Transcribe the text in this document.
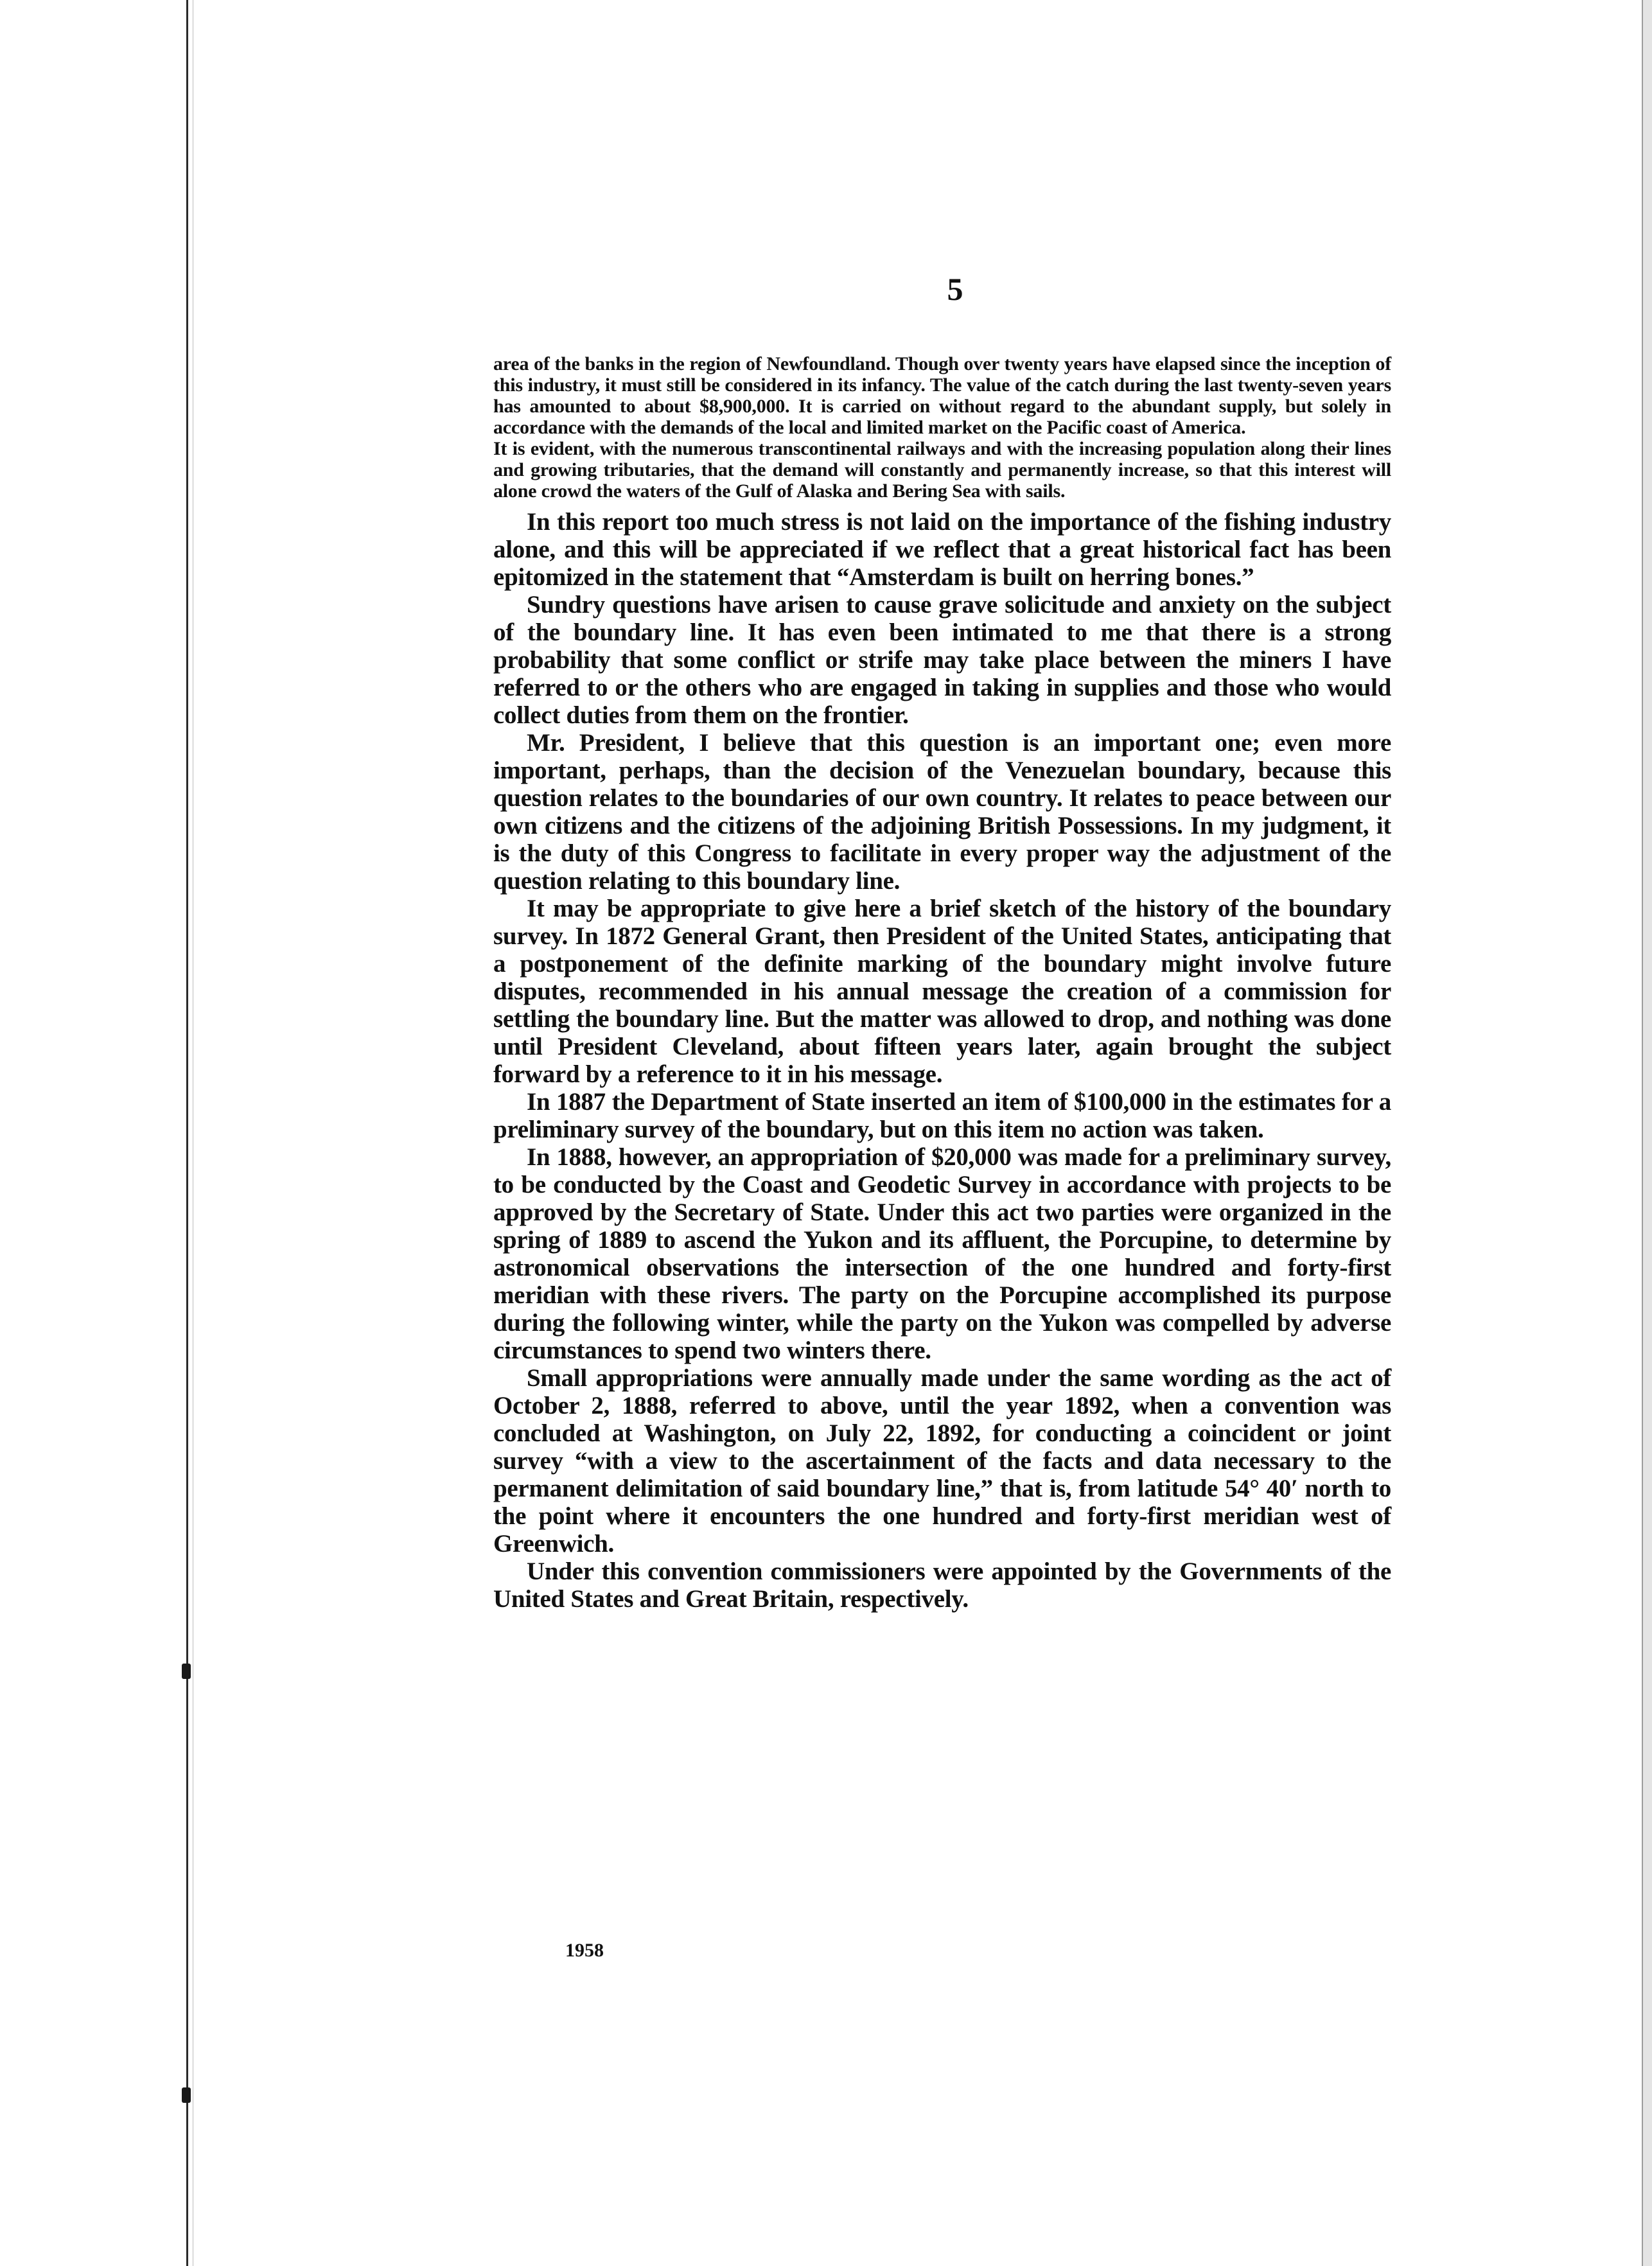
5

area of the banks in the region of Newfoundland. Though over twenty years have elapsed since the inception of this industry, it must still be considered in its infancy. The value of the catch during the last twenty-seven years has amounted to about $8,900,000. It is carried on without regard to the abundant supply, but solely in accordance with the demands of the local and limited market on the Pacific coast of America.

It is evident, with the numerous transcontinental railways and with the increasing population along their lines and growing tributaries, that the demand will constantly and permanently increase, so that this interest will alone crowd the waters of the Gulf of Alaska and Bering Sea with sails.

In this report too much stress is not laid on the importance of the fishing industry alone, and this will be appreciated if we reflect that a great historical fact has been epitomized in the statement that “Amsterdam is built on herring bones.”

Sundry questions have arisen to cause grave solicitude and anxiety on the subject of the boundary line. It has even been intimated to me that there is a strong probability that some conflict or strife may take place between the miners I have referred to or the others who are engaged in taking in supplies and those who would collect duties from them on the frontier.

Mr. President, I believe that this question is an important one; even more important, perhaps, than the decision of the Venezuelan boundary, because this question relates to the boundaries of our own country. It relates to peace between our own citizens and the citizens of the adjoining British Possessions. In my judgment, it is the duty of this Congress to facilitate in every proper way the adjustment of the question relating to this boundary line.

It may be appropriate to give here a brief sketch of the history of the boundary survey. In 1872 General Grant, then President of the United States, anticipating that a postponement of the definite marking of the boundary might involve future disputes, recommended in his annual message the creation of a commission for settling the boundary line. But the matter was allowed to drop, and nothing was done until President Cleveland, about fifteen years later, again brought the subject forward by a reference to it in his message.

In 1887 the Department of State inserted an item of $100,000 in the estimates for a preliminary survey of the boundary, but on this item no action was taken.

In 1888, however, an appropriation of $20,000 was made for a preliminary survey, to be conducted by the Coast and Geodetic Survey in accordance with projects to be approved by the Secretary of State. Under this act two parties were organized in the spring of 1889 to ascend the Yukon and its affluent, the Porcupine, to determine by astronomical observations the intersection of the one hundred and forty-first meridian with these rivers. The party on the Porcupine accomplished its purpose during the following winter, while the party on the Yukon was compelled by adverse circumstances to spend two winters there.

Small appropriations were annually made under the same wording as the act of October 2, 1888, referred to above, until the year 1892, when a convention was concluded at Washington, on July 22, 1892, for conducting a coincident or joint survey “with a view to the ascertainment of the facts and data necessary to the permanent delimitation of said boundary line,” that is, from latitude 54° 40′ north to the point where it encounters the one hundred and forty-first meridian west of Greenwich.

Under this convention commissioners were appointed by the Governments of the United States and Great Britain, respectively.

1958
